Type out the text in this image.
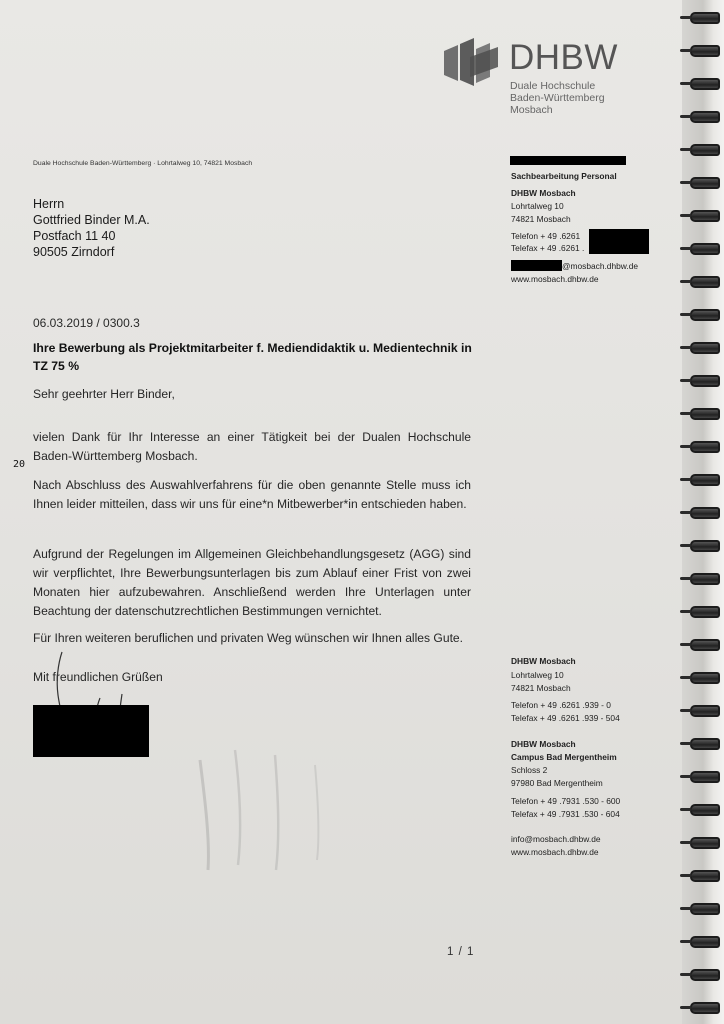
DHBW
Duale Hochschule
Baden-Württemberg
Mosbach
Duale Hochschule Baden-Württemberg · Lohrtalweg 10, 74821 Mosbach
Herrn
Gottfried Binder M.A.
Postfach 11 40
90505 Zirndorf
Sachbearbeitung Personal
DHBW Mosbach
Lohrtalweg 10
74821 Mosbach
Telefon + 49 .6261
Telefax + 49 .6261 .
@mosbach.dhbw.de
www.mosbach.dhbw.de
06.03.2019 / 0300.3
Ihre Bewerbung als Projektmitarbeiter f. Mediendidaktik u. Medientechnik in TZ 75 %
Sehr geehrter Herr Binder,
vielen Dank für Ihr Interesse an einer Tätigkeit bei der Dualen Hochschule Baden-Württemberg Mosbach.
20
Nach Abschluss des Auswahlverfahrens für die oben genannte Stelle muss ich Ihnen leider mitteilen, dass wir uns für eine*n Mitbewerber*in entschieden haben.
Aufgrund der Regelungen im Allgemeinen Gleichbehandlungsgesetz (AGG) sind wir verpflichtet, Ihre Bewerbungsunterlagen bis zum Ablauf einer Frist von zwei Monaten hier aufzubewahren. Anschließend werden Ihre Unterlagen unter Beachtung der datenschutzrechtlichen Bestimmungen vernichtet.
Für Ihren weiteren beruflichen und privaten Weg wünschen wir Ihnen alles Gute.
Mit freundlichen Grüßen
DHBW Mosbach
Lohrtalweg 10
74821 Mosbach
Telefon + 49 .6261 .939 - 0
Telefax + 49 .6261 .939 - 504
DHBW Mosbach
Campus Bad Mergentheim
Schloss 2
97980 Bad Mergentheim
Telefon + 49 .7931 .530 - 600
Telefax + 49 .7931 .530 - 604
info@mosbach.dhbw.de
www.mosbach.dhbw.de
1 / 1
